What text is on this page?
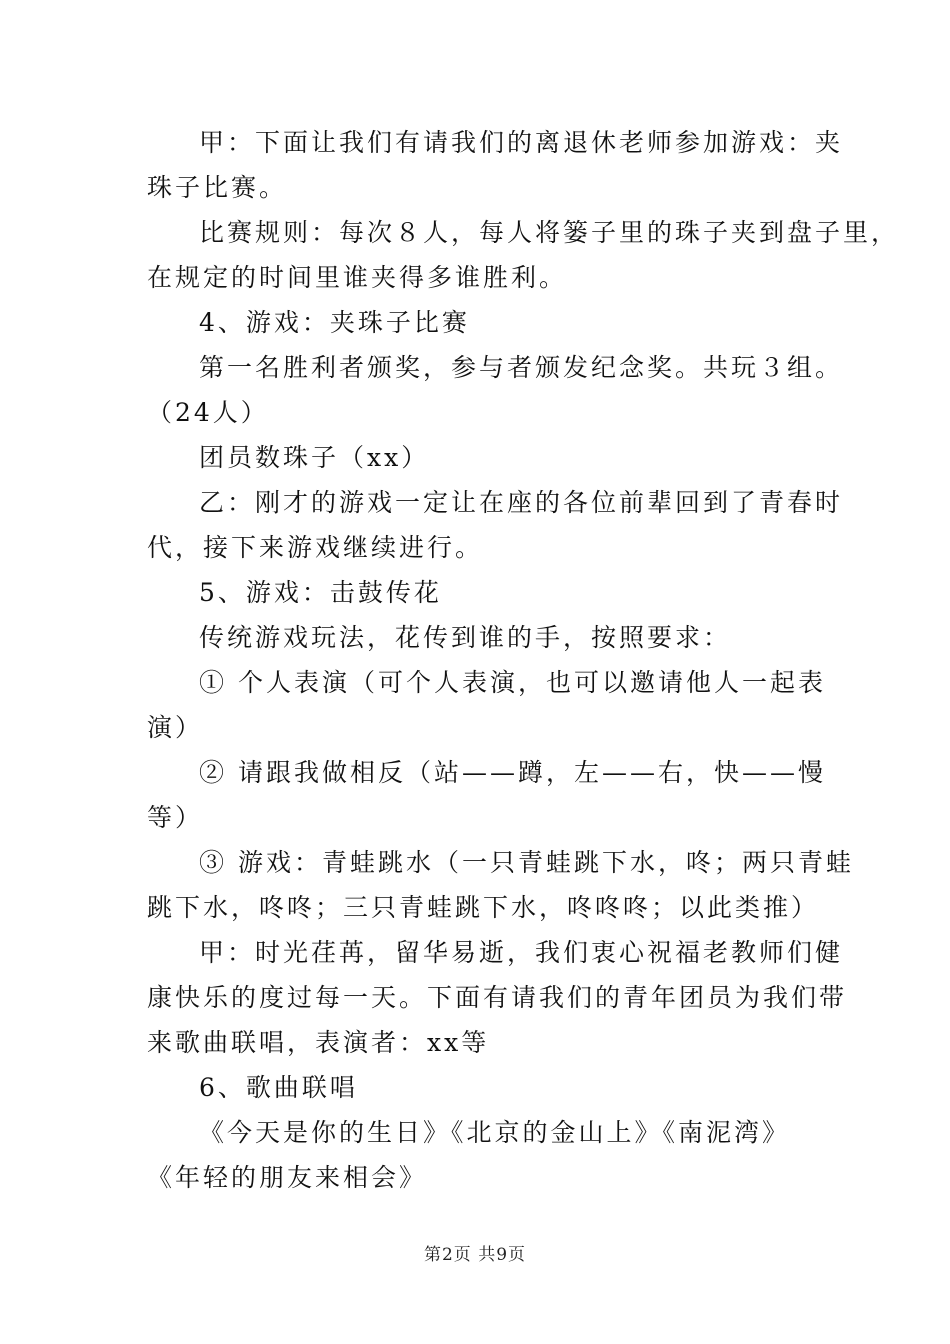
甲：下面让我们有请我们的离退休老师参加游戏：夹
珠子比赛。
比赛规则：每次８人，每人将篓子里的珠子夹到盘子里，
在规定的时间里谁夹得多谁胜利。
4、游戏：夹珠子比赛
第一名胜利者颁奖，参与者颁发纪念奖。共玩３组。
（24人）
团员数珠子（xx）
乙：刚才的游戏一定让在座的各位前辈回到了青春时
代，接下来游戏继续进行。
5、游戏：击鼓传花
传统游戏玩法，花传到谁的手，按照要求：
① 个人表演（可个人表演，也可以邀请他人一起表
演）
② 请跟我做相反（站——蹲，左——右，快——慢
等）
③ 游戏：青蛙跳水（一只青蛙跳下水，咚；两只青蛙
跳下水，咚咚；三只青蛙跳下水，咚咚咚；以此类推）
甲：时光荏苒，留华易逝，我们衷心祝福老教师们健
康快乐的度过每一天。下面有请我们的青年团员为我们带
来歌曲联唱，表演者：xx等
6、歌曲联唱
《今天是你的生日》《北京的金山上》《南泥湾》
《年轻的朋友来相会》
第2页 共9页
